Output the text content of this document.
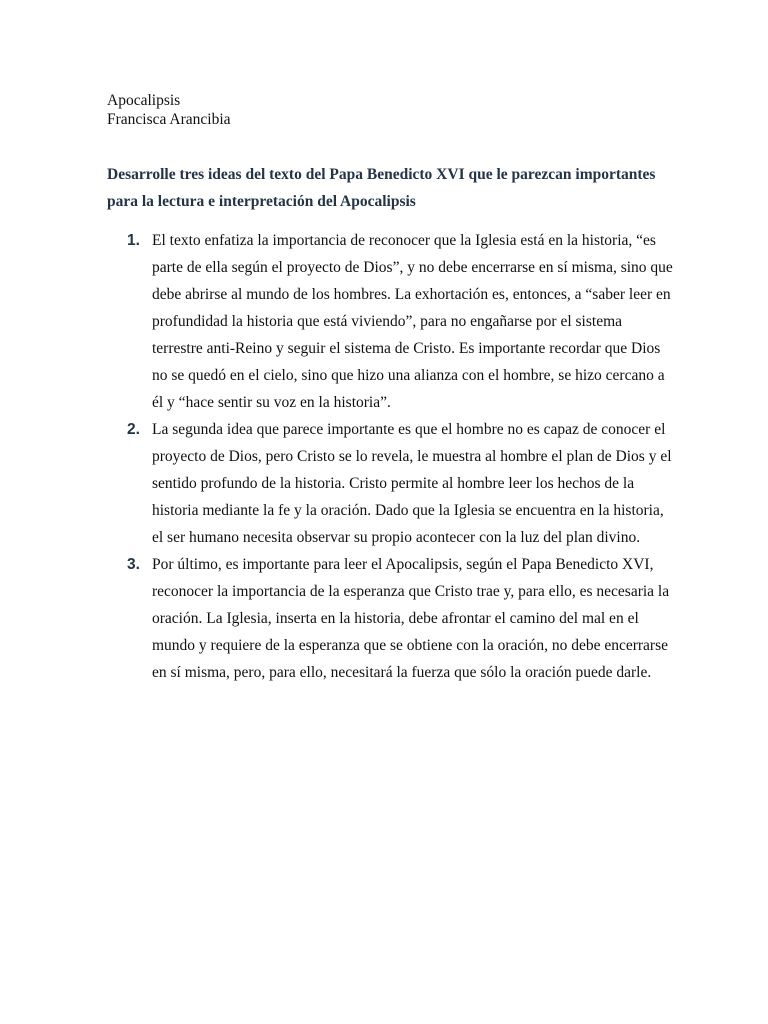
Apocalipsis
Francisca Arancibia
Desarrolle tres ideas del texto del Papa Benedicto XVI que le parezcan importantes
para la lectura e interpretación del Apocalipsis
1. El texto enfatiza la importancia de reconocer que la Iglesia está en la historia, “es
parte de ella según el proyecto de Dios”, y no debe encerrarse en sí misma, sino que
debe abrirse al mundo de los hombres. La exhortación es, entonces, a “saber leer en
profundidad la historia que está viviendo”, para no engañarse por el sistema
terrestre anti-Reino y seguir el sistema de Cristo. Es importante recordar que Dios
no se quedó en el cielo, sino que hizo una alianza con el hombre, se hizo cercano a
él y “hace sentir su voz en la historia”.
2. La segunda idea que parece importante es que el hombre no es capaz de conocer el
proyecto de Dios, pero Cristo se lo revela, le muestra al hombre el plan de Dios y el
sentido profundo de la historia. Cristo permite al hombre leer los hechos de la
historia mediante la fe y la oración. Dado que la Iglesia se encuentra en la historia,
el ser humano necesita observar su propio acontecer con la luz del plan divino.
3. Por último, es importante para leer el Apocalipsis, según el Papa Benedicto XVI,
reconocer la importancia de la esperanza que Cristo trae y, para ello, es necesaria la
oración. La Iglesia, inserta en la historia, debe afrontar el camino del mal en el
mundo y requiere de la esperanza que se obtiene con la oración, no debe encerrarse
en sí misma, pero, para ello, necesitará la fuerza que sólo la oración puede darle.
